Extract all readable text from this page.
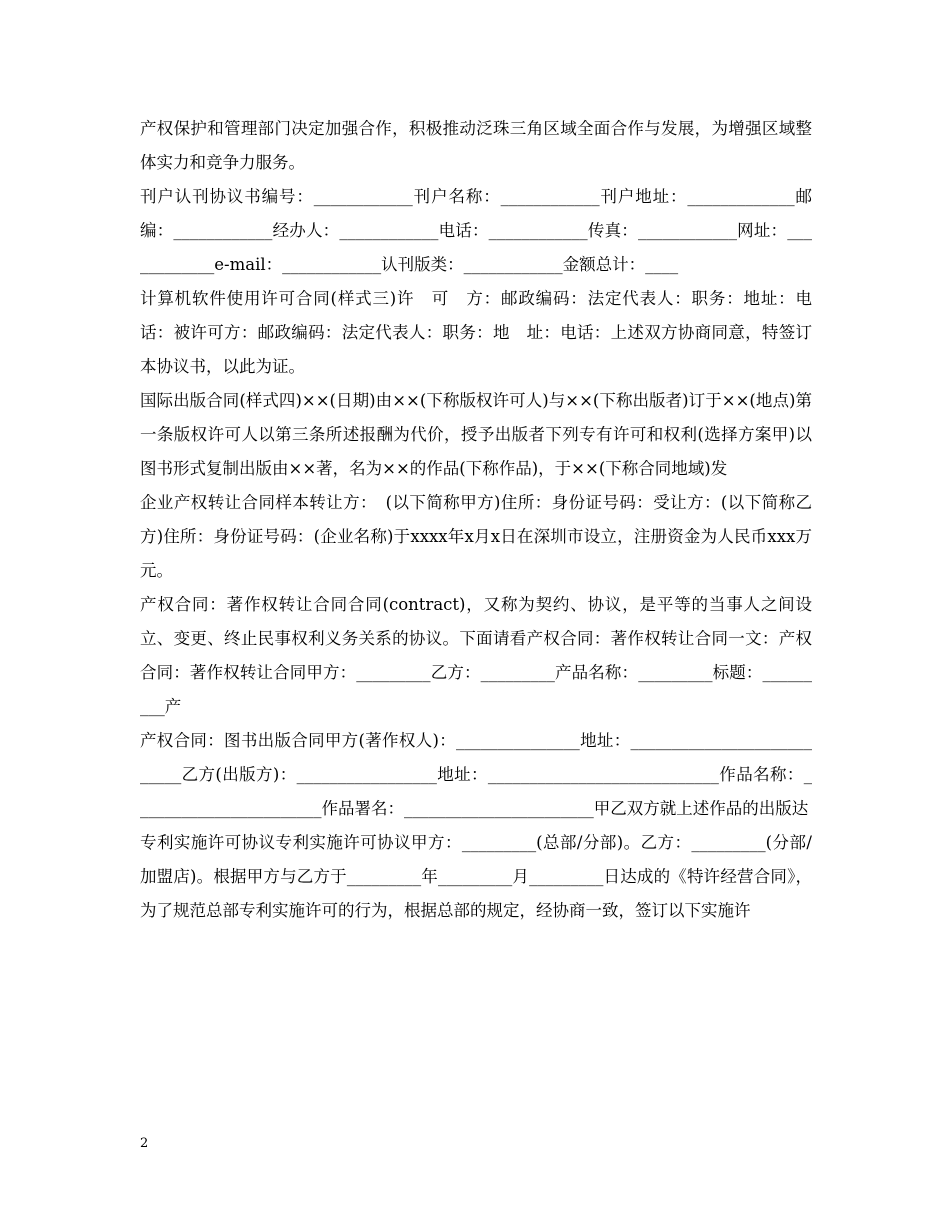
产权保护和管理部门决定加强合作，积极推动泛珠三角区域全面合作与发展，为增强区域整体实力和竞争力服务。

刊户认刊协议书编号：____________刊户名称：____________刊户地址：_____________邮编：____________经办人：____________电话：____________传真：____________网址：____________e-mail：____________认刊版类：____________金额总计：____

计算机软件使用许可合同(样式三)许　可　方：邮政编码：法定代表人：职务：地址：电话：被许可方：邮政编码：法定代表人：职务：地　址：电话：上述双方协商同意，特签订本协议书，以此为证。

国际出版合同(样式四)××(日期)由××(下称版权许可人)与××(下称出版者)订于××(地点)第一条版权许可人以第三条所述报酬为代价，授予出版者下列专有许可和权利(选择方案甲)以图书形式复制出版由××著，名为××的作品(下称作品)，于××(下称合同地域)发

企业产权转让合同样本转让方：　(以下简称甲方)住所：身份证号码：受让方：(以下简称乙方)住所：身份证号码：(企业名称)于xxxx年x月x日在深圳市设立，注册资金为人民币xxx万元。

产权合同：著作权转让合同合同(contract)，又称为契约、协议，是平等的当事人之间设立、变更、终止民事权利义务关系的协议。下面请看产权合同：著作权转让合同一文：产权合同：著作权转让合同甲方：_________乙方：_________产品名称：_________标题：_________产

产权合同：图书出版合同甲方(著作权人)：_______________地址：___________________________乙方(出版方)：_________________地址：____________________________作品名称：_______________________作品署名：_______________________甲乙双方就上述作品的出版达

专利实施许可协议专利实施许可协议甲方：_________(总部/分部)。乙方：_________(分部/加盟店)。根据甲方与乙方于_________年_________月_________日达成的《特许经营合同》，为了规范总部专利实施许可的行为，根据总部的规定，经协商一致，签订以下实施许

2
